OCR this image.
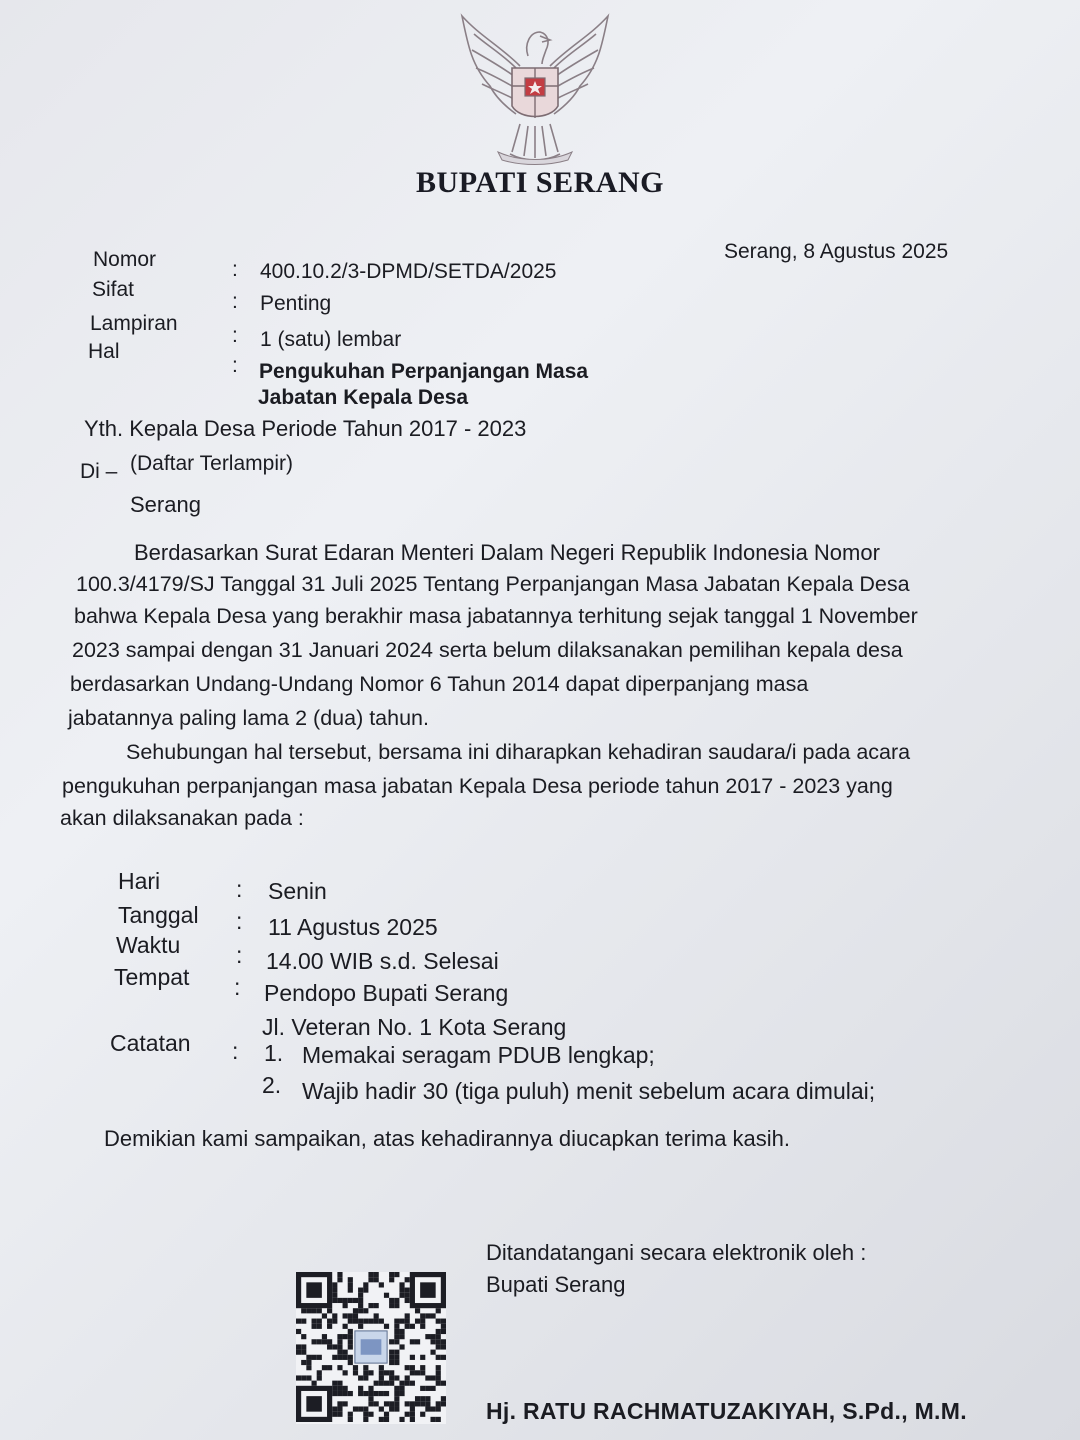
BUPATI SERANG
Serang, 8 Agustus 2025
Nomor	: 400.10.2/3-DPMD/SETDA/2025
Sifat
: Penting
Lampiran
: 1 (satu) lembar
Hal
: Pengukuhan Perpanjangan Masa
Jabatan Kepala Desa
Yth. Kepala Desa Periode Tahun 2017 - 2023
(Daftar Terlampir)
Di –
Serang
Berdasarkan Surat Edaran Menteri Dalam Negeri Republik Indonesia Nomor
100.3/4179/SJ Tanggal 31 Juli 2025 Tentang Perpanjangan Masa Jabatan Kepala Desa
bahwa Kepala Desa yang berakhir masa jabatannya terhitung sejak tanggal 1 November
2023 sampai dengan 31 Januari 2024 serta belum dilaksanakan pemilihan kepala desa
berdasarkan Undang-Undang Nomor 6 Tahun 2014 dapat diperpanjang masa
jabatannya paling lama 2 (dua) tahun.
Sehubungan hal tersebut, bersama ini diharapkan kehadiran saudara/i pada acara
pengukuhan perpanjangan masa jabatan Kepala Desa periode tahun 2017 - 2023 yang
akan dilaksanakan pada :
Hari	: Senin
Tanggal : 11 Agustus 2025
Waktu : 14.00 WIB s.d. Selesai
Tempat : Pendopo Bupati Serang
Jl. Veteran No. 1 Kota Serang
Catatan : 1. Memakai seragam PDUB lengkap;
2. Wajib hadir 30 (tiga puluh) menit sebelum acara dimulai;
Demikian kami sampaikan, atas kehadirannya diucapkan terima kasih.
Ditandatangani secara elektronik oleh :
Bupati Serang
Hj. RATU RACHMATUZAKIYAH, S.Pd., M.M.
